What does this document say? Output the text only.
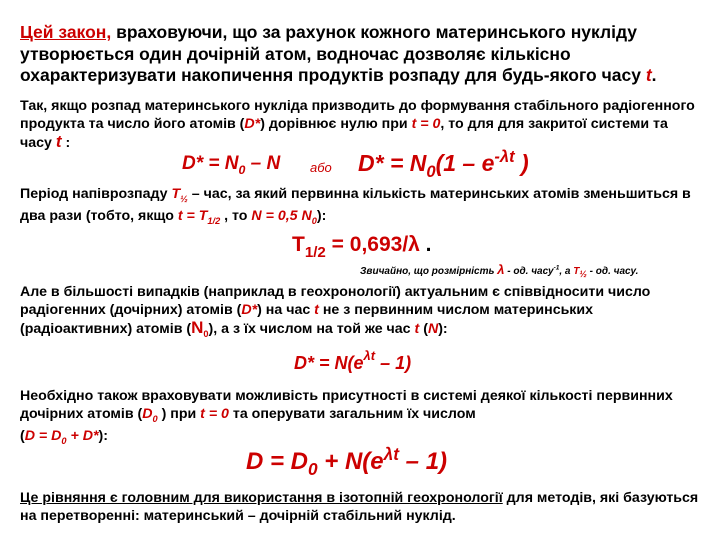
Цей закон, враховуючи, що за рахунок кожного материнського нукліду утворюється один дочірній атом, водночас дозволяє кількісно охарактеризувати накопичення продуктів розпаду для будь-якого часу t.
Так, якщо розпад материнського нукліда призводить до формування стабільного радіогенного продукта та число його атомів (D*) дорівнює нулю при t = 0, то для для закритої системи та часу t :
$D* = N_0 - N$ або $D* = N_0(1 - e^{-\lambda t}$ )
Період напіврозпаду $T_{\frac{1}{2}}$ – час, за який первинна кількість материнських атомів зменьшиться в два рази (тобто, якщо $t = T_{1/2}$ , то N = 0,5 $N_0$):
$T_{1/2} = 0,693/\lambda$ .
Звичайно, що розмірність λ - од. часу$^{-1}$, а $T_{\frac{1}{2}}$ - од. часу.
Але в більшості випадків (наприклад в геохронології) актуальним є співвідносити число радіогенних (дочірних) атомів (D*) на час t не з первинним числом материнських (радіоактивних) атомів $(N_0)$, а з їх числом на той же час t (N):
$D* = N(e^{\lambda t} - 1)$
Необхідно також враховувати можливість присутності в системі деякої кількості первинних дочірних атомів ($D_0$ ) при t = 0 та оперувати загальним їх числом
$(D = D_0 + D*)$:
$D = D_0 + N(e^{\lambda t} - 1)$
Це рівняння є головним для використання в ізотопній геохронології для методів, які базуються на перетворенні: материнський – дочірній стабільний нуклід.
